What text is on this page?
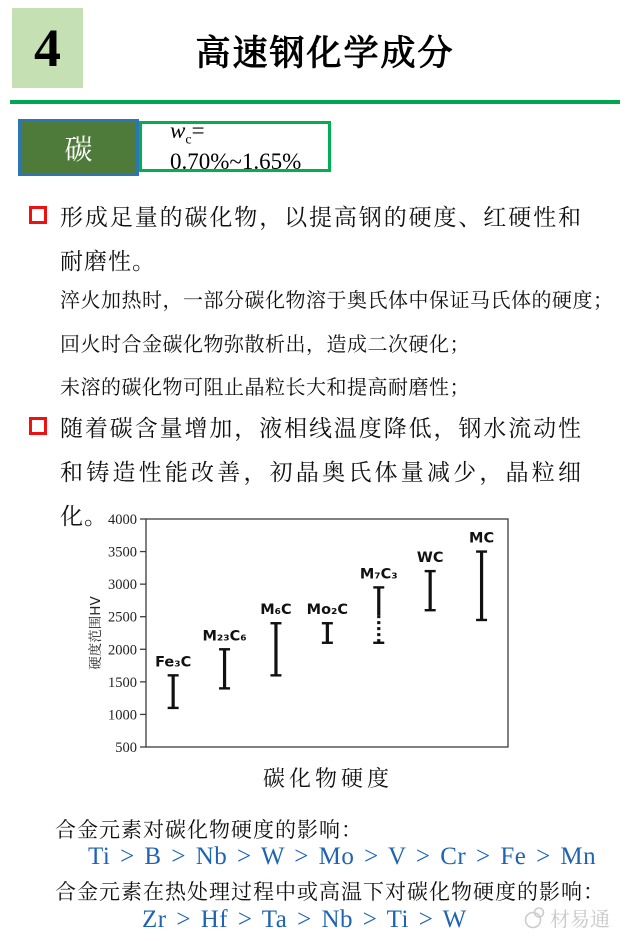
4	高速钢化学成分
碳
$w_c=$ 0.70%~1.65%
形成足量的碳化物，以提高钢的硬度、红硬性和耐磨性。
淬火加热时，一部分碳化物溶于奥氏体中保证马氏体的硬度；
回火时合金碳化物弥散析出，造成二次硬化；
未溶的碳化物可阻止晶粒长大和提高耐磨性；
随着碳含量增加，液相线温度降低，钢水流动性和铸造性能改善，初晶奥氏体量减少，晶粒细化。
500
1000
1500
2000
2500
3000
3500
4000
硬度范围HV	Fe₃C
M₂₃C₆
M₆C Mo₂C
M₇C₃
WC
MC
碳化物硬度
合金元素对碳化物硬度的影响：
Ti > B > Nb > W > Mo > V > Cr > Fe > Mn
合金元素在热处理过程中或高温下对碳化物硬度的影响：
Zr > Hf > Ta > Nb > Ti > W	材易通
